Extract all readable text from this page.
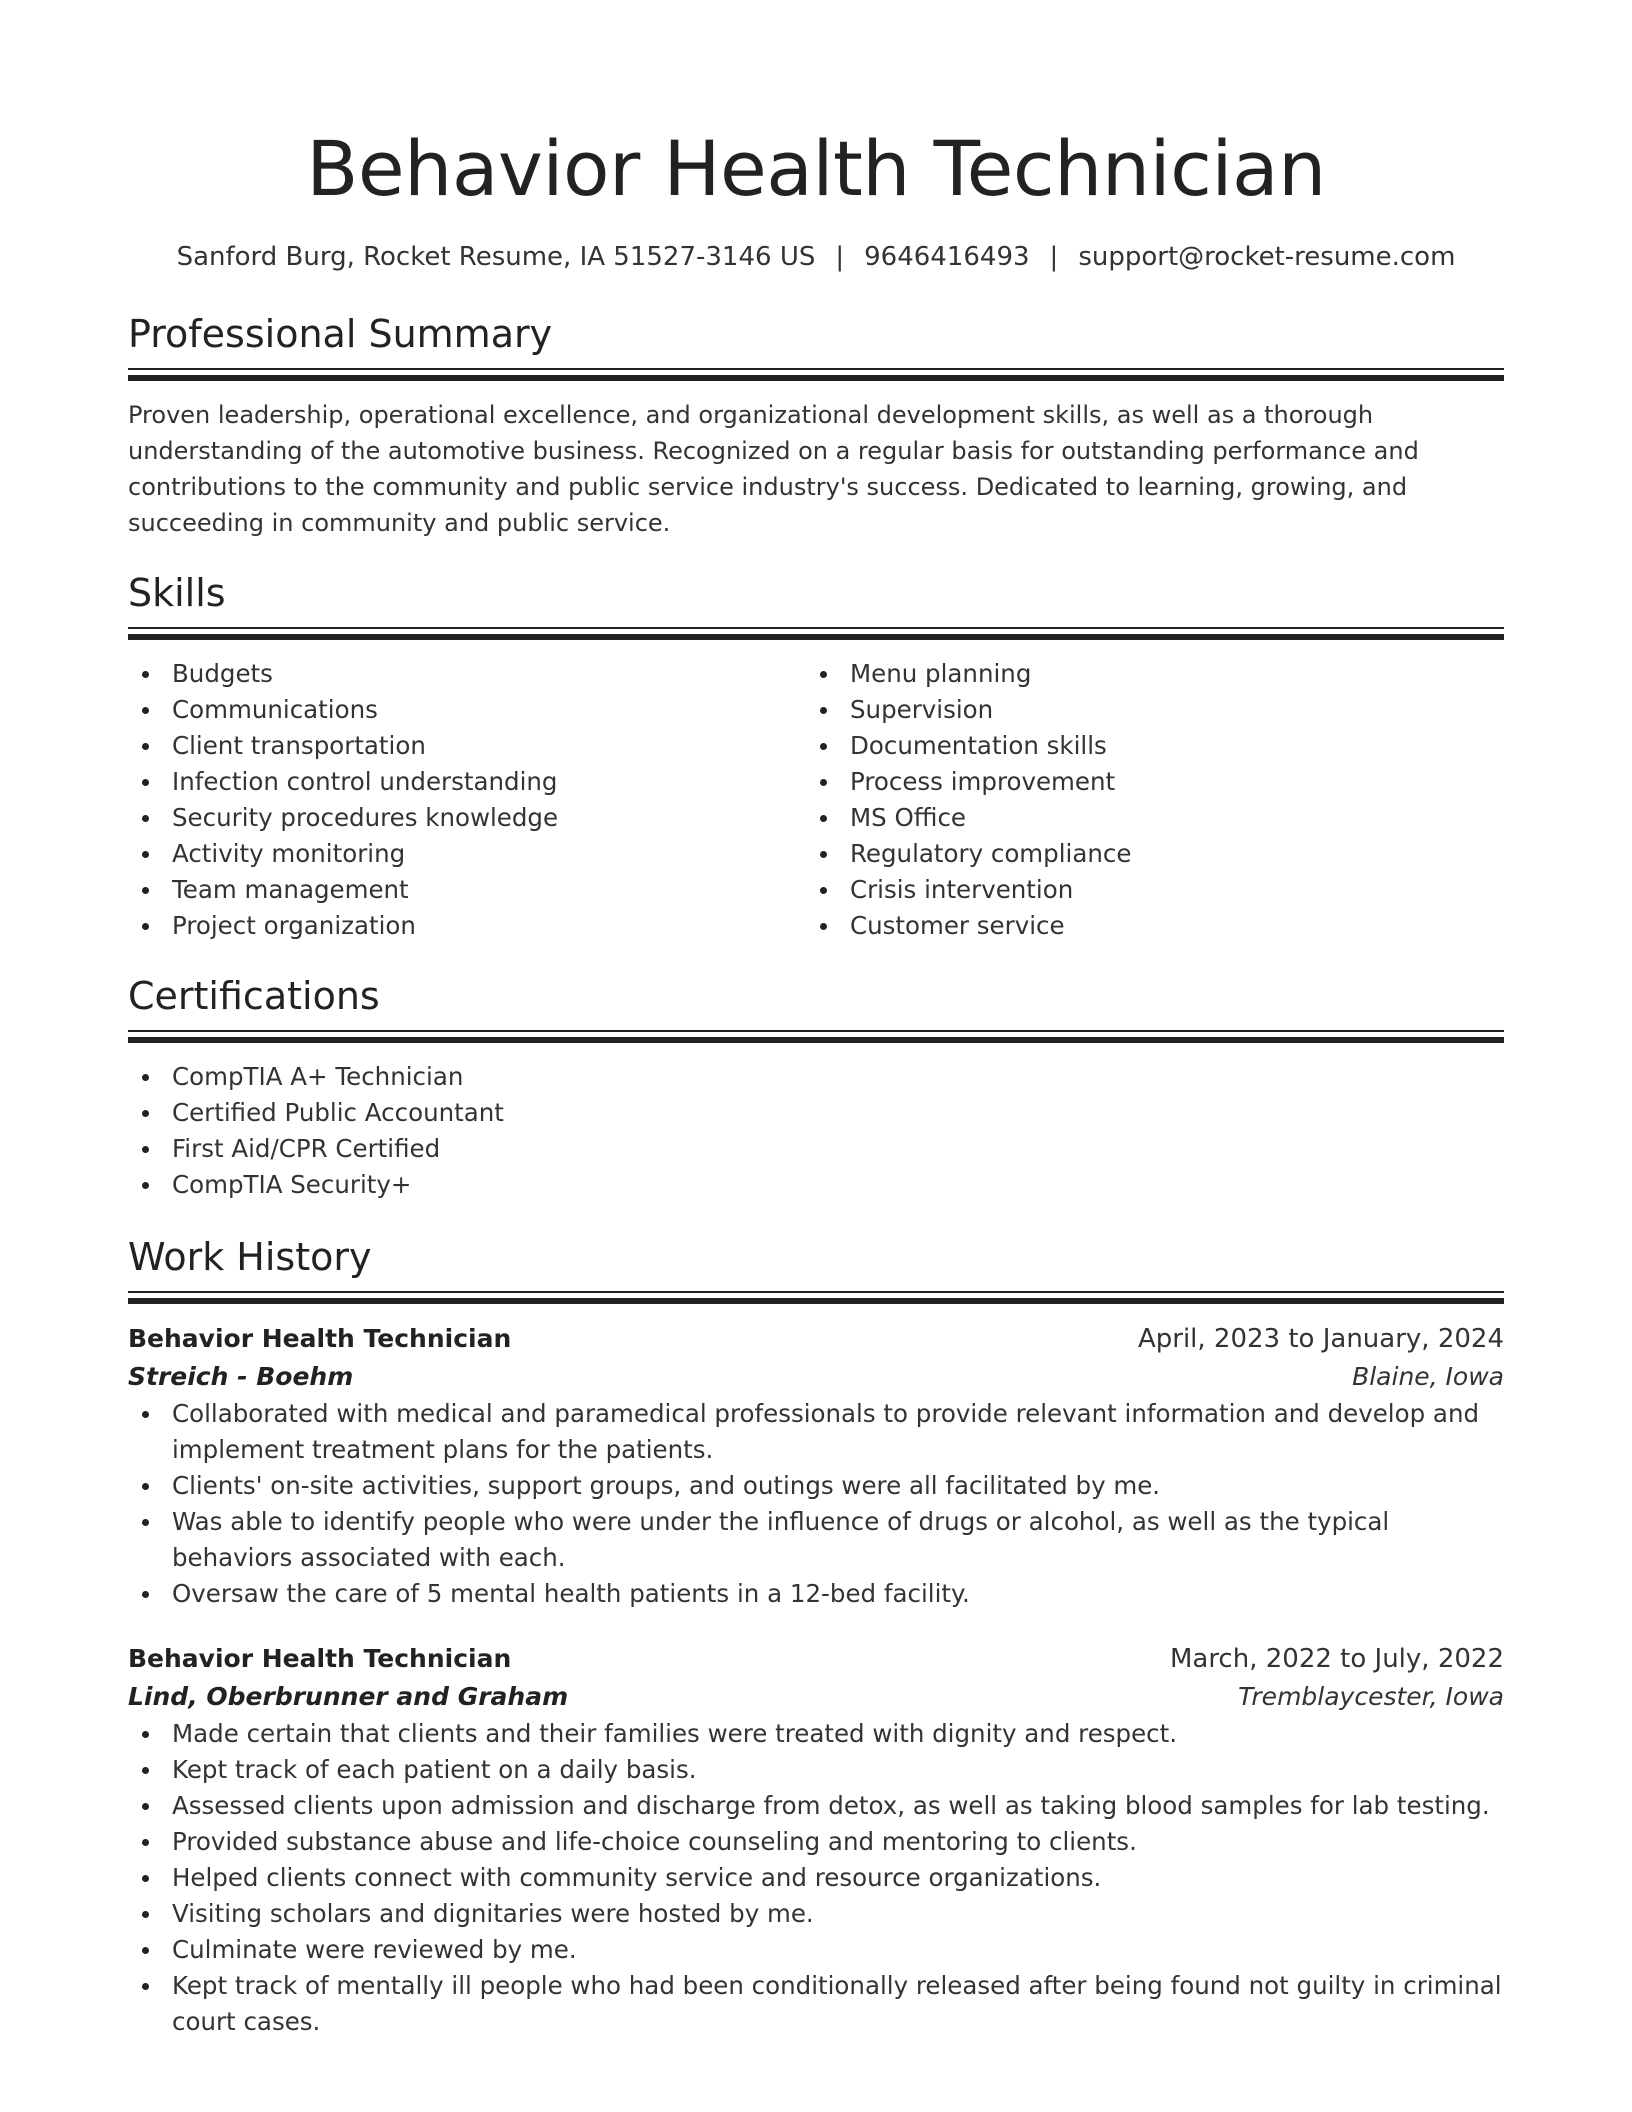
Behavior Health Technician
Sanford Burg, Rocket Resume, IA 51527-3146 US | 9646416493 | support@rocket-resume.com
Professional Summary
Proven leadership, operational excellence, and organizational development skills, as well as a thorough understanding of the automotive business. Recognized on a regular basis for outstanding performance and contributions to the community and public service industry's success. Dedicated to learning, growing, and succeeding in community and public service.
Skills
Budgets
Communications
Client transportation
Infection control understanding
Security procedures knowledge
Activity monitoring
Team management
Project organization
Menu planning
Supervision
Documentation skills
Process improvement
MS Office
Regulatory compliance
Crisis intervention
Customer service
Certifications
CompTIA A+ Technician
Certified Public Accountant
First Aid/CPR Certified
CompTIA Security+
Work History
Behavior Health Technician	April, 2023 to January, 2024
Streich - Boehm	Blaine, Iowa
Collaborated with medical and paramedical professionals to provide relevant information and develop and implement treatment plans for the patients.
Clients' on-site activities, support groups, and outings were all facilitated by me.
Was able to identify people who were under the influence of drugs or alcohol, as well as the typical behaviors associated with each.
Oversaw the care of 5 mental health patients in a 12-bed facility.
Behavior Health Technician	March, 2022 to July, 2022
Lind, Oberbrunner and Graham	Tremblaycester, Iowa
Made certain that clients and their families were treated with dignity and respect.
Kept track of each patient on a daily basis.
Assessed clients upon admission and discharge from detox, as well as taking blood samples for lab testing.
Provided substance abuse and life-choice counseling and mentoring to clients.
Helped clients connect with community service and resource organizations.
Visiting scholars and dignitaries were hosted by me.
Culminate were reviewed by me.
Kept track of mentally ill people who had been conditionally released after being found not guilty in criminal court cases.
